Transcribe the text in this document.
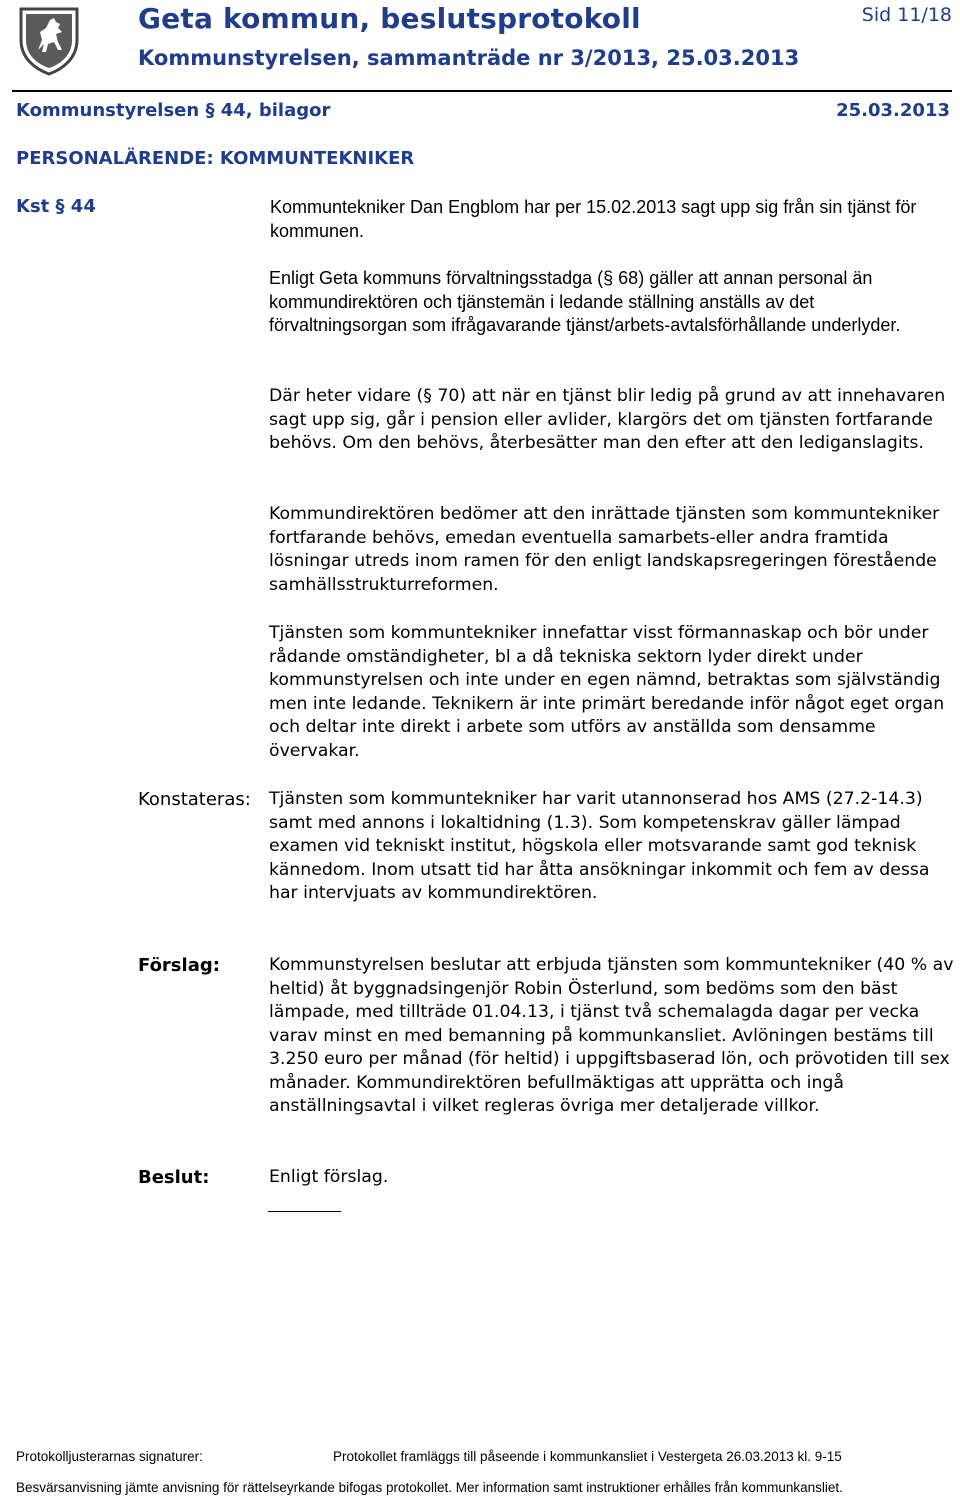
Geta kommun, beslutsprotokoll	Sid 11/18
Kommunstyrelsen, sammanträde nr 3/2013, 25.03.2013
Kommunstyrelsen § 44, bilagor	25.03.2013
PERSONALÄRENDE: KOMMUNTEKNIKER
Kst § 44	Kommuntekniker Dan Engblom har per 15.02.2013 sagt upp sig från sin tjänst för kommunen.
Enligt Geta kommuns förvaltningsstadga (§ 68) gäller att annan personal än kommundirektören och tjänstemän i ledande ställning anställs av det förvaltningsorgan som ifrågavarande tjänst/arbets-avtalsförhållande underlyder.
Där heter vidare (§ 70) att när en tjänst blir ledig på grund av att innehavaren sagt upp sig, går i pension eller avlider, klargörs det om tjänsten fortfarande behövs. Om den behövs, återbesätter man den efter att den lediganslagits.
Kommundirektören bedömer att den inrättade tjänsten som kommuntekniker fortfarande behövs, emedan eventuella samarbets-eller andra framtida lösningar utreds inom ramen för den enligt landskapsregeringen förestående samhällsstrukturreformen.
Tjänsten som kommuntekniker innefattar visst förmannaskap och bör under rådande omständigheter, bl a då tekniska sektorn lyder direkt under kommunstyrelsen och inte under en egen nämnd, betraktas som självständig men inte ledande. Teknikern är inte primärt beredande inför något eget organ och deltar inte direkt i arbete som utförs av anställda som densamme övervakar.
Konstateras: Tjänsten som kommuntekniker har varit utannonserad hos AMS (27.2-14.3) samt med annons i lokaltidning (1.3). Som kompetenskrav gäller lämpad examen vid tekniskt institut, högskola eller motsvarande samt god teknisk kännedom. Inom utsatt tid har åtta ansökningar inkommit och fem av dessa har intervjuats av kommundirektören.
Förslag:	Kommunstyrelsen beslutar att erbjuda tjänsten som kommuntekniker (40 % av heltid) åt byggnadsingenjör Robin Österlund, som bedöms som den bäst lämpade, med tillträde 01.04.13, i tjänst två schemalagda dagar per vecka varav minst en med bemanning på kommunkansliet. Avlöningen bestäms till 3.250 euro per månad (för heltid) i uppgiftsbaserad lön, och prövotiden till sex månader. Kommundirektören befullmäktigas att upprätta och ingå anställningsavtal i vilket regleras övriga mer detaljerade villkor.
Beslut:	Enligt förslag.
Protokolljusterarnas signaturer:	Protokollet framläggs till påseende i kommunkansliet i Vestergeta 26.03.2013 kl. 9-15
Besvärsanvisning jämte anvisning för rättelseyrkande bifogas protokollet. Mer information samt instruktioner erhålles från kommunkansliet.
